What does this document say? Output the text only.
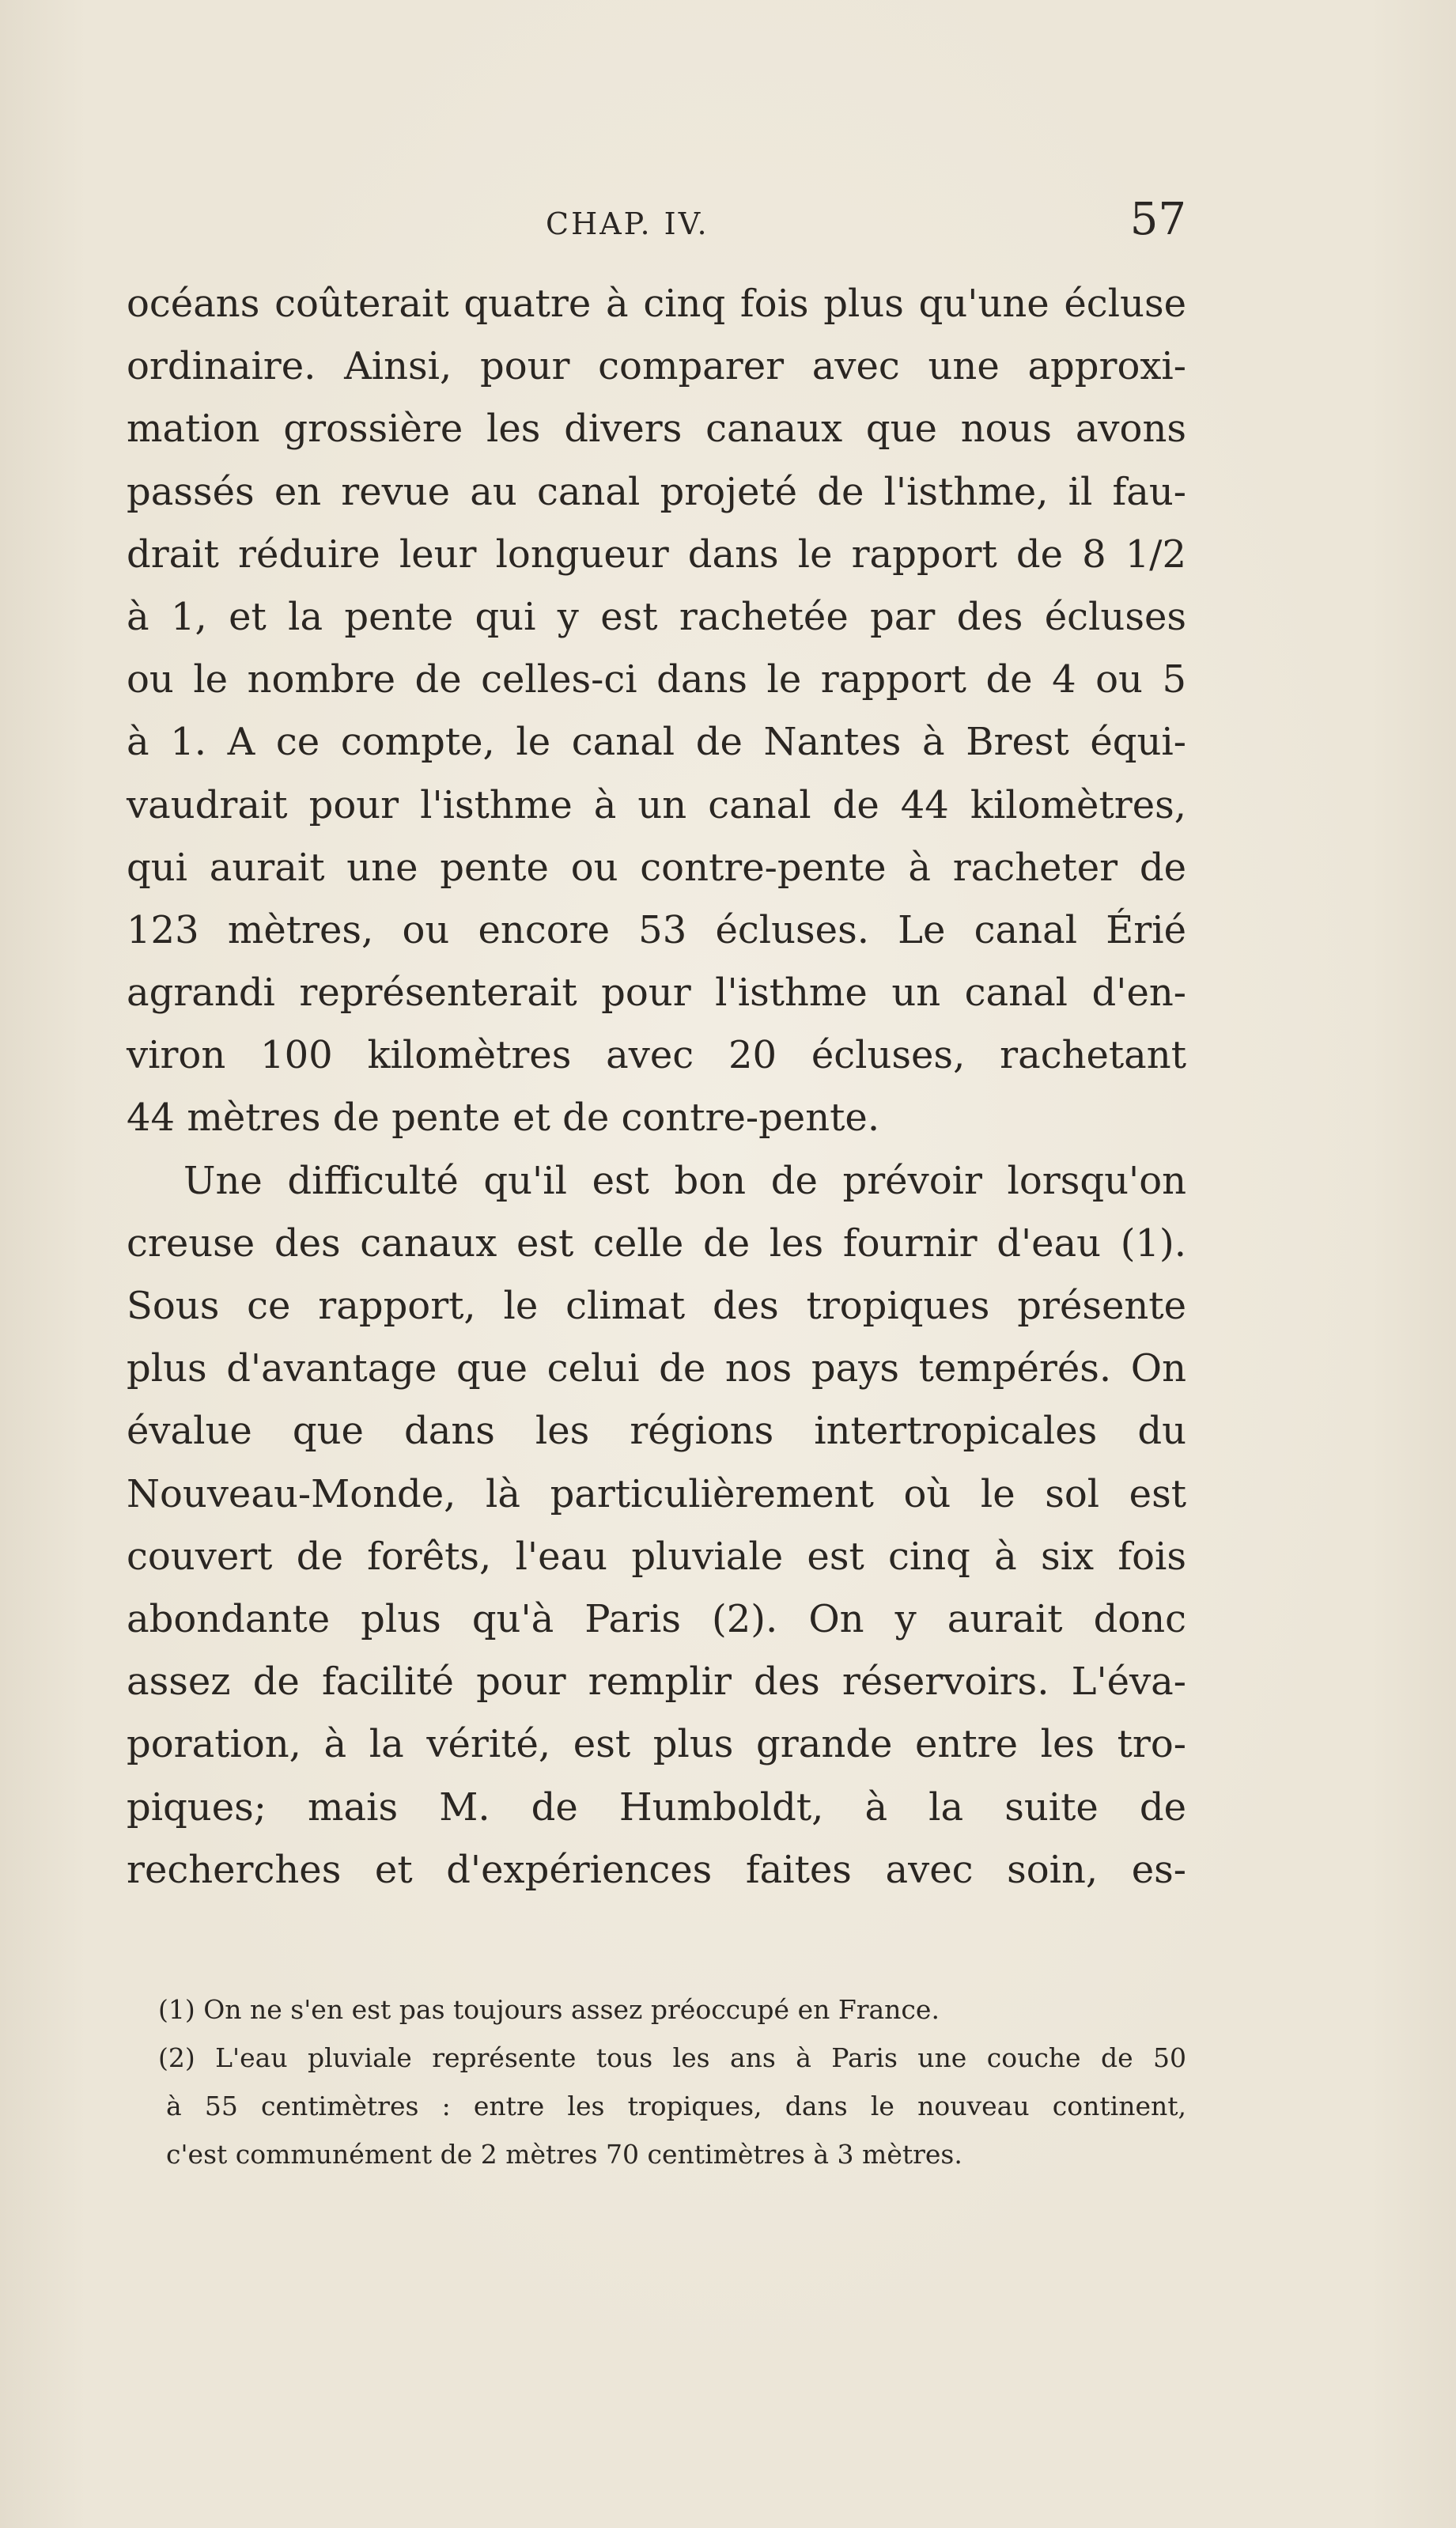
CHAP. IV.	57

océans coûterait quatre à cinq fois plus qu'une écluse
ordinaire. Ainsi, pour comparer avec une approxi-
mation grossière les divers canaux que nous avons
passés en revue au canal projeté de l'isthme, il fau-
drait réduire leur longueur dans le rapport de 8 1/2
à 1, et la pente qui y est rachetée par des écluses
ou le nombre de celles-ci dans le rapport de 4 ou 5
à 1. A ce compte, le canal de Nantes à Brest équi-
vaudrait pour l'isthme à un canal de 44 kilomètres,
qui aurait une pente ou contre-pente à racheter de
123 mètres, ou encore 53 écluses. Le canal Érié
agrandi représenterait pour l'isthme un canal d'en-
viron 100 kilomètres avec 20 écluses, rachetant
44 mètres de pente et de contre-pente.

Une difficulté qu'il est bon de prévoir lorsqu'on
creuse des canaux est celle de les fournir d'eau (1).
Sous ce rapport, le climat des tropiques présente
plus d'avantage que celui de nos pays tempérés. On
évalue que dans les régions intertropicales du
Nouveau-Monde, là particulièrement où le sol est
couvert de forêts, l'eau pluviale est cinq à six fois
abondante plus qu'à Paris (2). On y aurait donc
assez de facilité pour remplir des réservoirs. L'éva-
poration, à la vérité, est plus grande entre les tro-
piques; mais M. de Humboldt, à la suite de
recherches et d'expériences faites avec soin, es-

(1) On ne s'en est pas toujours assez préoccupé en France.
(2) L'eau pluviale représente tous les ans à Paris une couche de 50
à 55 centimètres : entre les tropiques, dans le nouveau continent,
c'est communément de 2 mètres 70 centimètres à 3 mètres.
